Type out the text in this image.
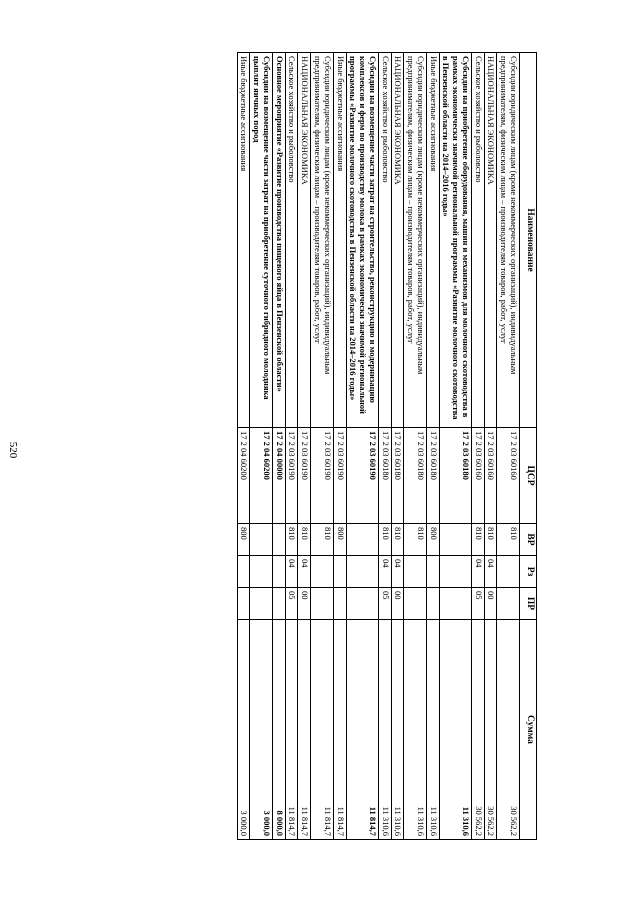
520
Наименование	ЦСР	ВР	Рз	ПР	Сумма
Субсидии юридическим лицам (кроме некоммерческих организаций), индивидуальным предпринимателям, физическим лицам – производителям товаров, работ, услуг	17 2 03 60160	810			30 562,2
НАЦИОНАЛЬНАЯ ЭКОНОМИКА	17 2 03 60160	810	04	00	30 562,2
Сельское хозяйство и рыболовство	17 2 03 60160	810	04	05	30 562,2
Субсидии на приобретение оборудования, машин и механизмов для молочного скотоводства в рамках экономически значимой региональной программы «Развитие молочного скотоводства в Пензенской области на 2014–2016 годы»	17 2 03 60180				11 310,6
Иные бюджетные ассигнования	17 2 03 60180	800			11 310,6
Субсидии юридическим лицам (кроме некоммерческих организаций), индивидуальным предпринимателям, физическим лицам – производителям товаров, работ, услуг	17 2 03 60180	810			11 310,6
НАЦИОНАЛЬНАЯ ЭКОНОМИКА	17 2 03 60180	810	04	00	11 310,6
Сельское хозяйство и рыболовство	17 2 03 60180	810	04	05	11 310,6
Субсидии на возмещение части затрат на строительство, реконструкцию и модернизацию комплексов и ферм по производству молока в рамках экономически значимой региональной программы «Развитие молочного скотоводства в Пензенской области на 2014–2016 годы»	17 2 03 60190				11 814,7
Иные бюджетные ассигнования	17 2 03 60190	800			11 814,7
Субсидии юридическим лицам (кроме некоммерческих организаций), индивидуальным предпринимателям, физическим лицам – производителям товаров, работ, услуг	17 2 03 60190	810			11 814,7
НАЦИОНАЛЬНАЯ ЭКОНОМИКА	17 2 03 60190	810	04	00	11 814,7
Сельское хозяйство и рыболовство	17 2 03 60190	810	04	05	11 814,7
Основное мероприятие «Развитие производства пищевого яйца в Пензенской области»	17 2 04 00000				8 000,0
Субсидии на возмещение части затрат на приобретение суточного гибридного молодняка цыплят яичных пород	17 2 04 60200				3 000,0
Иные бюджетные ассигнования	17 2 04 60200	800			3 000,0
